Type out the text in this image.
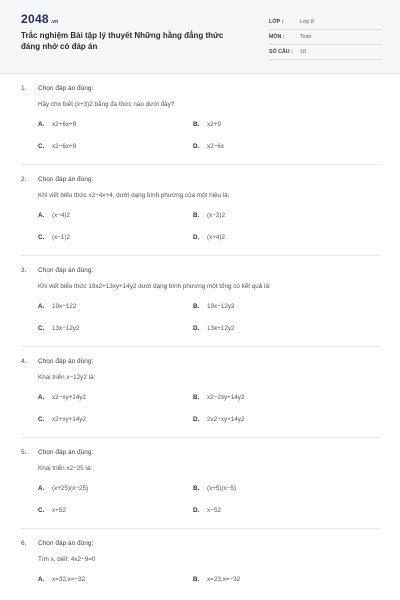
2048 .vn
Trắc nghiệm Bài tập lý thuyết Những hằng đẳng thức đáng nhớ có đáp án
LỚP :	Lớp 8
MÔN :	Toán
SỐ CÂU :	10
1.	Chọn đáp án đúng:
Hãy cho biết (x+3)2 bằng đa thức nào dưới đây?
A.	x2+6x+9	B.	x2+9
C.	x2−6x+9	D.	x2−6x
2.	Chọn đáp án đúng:
Khi viết biểu thức x2−4x+4, dưới dạng bình phương của một hiệu là:
A.	(x−4)2	B.	(x−2)2
C.	(x−1)2	D.	(x+4)2
3.	Chọn đáp án đúng:
Khi viết biểu thức 19x2+13xy+14y2 dưới dạng bình phương một tổng có kết quả là:
A.	19x−122	B.	19x−12y2
C.	13x−12y2	D.	13x+12y2
4.	Chọn đáp án đúng:
Khai triển x−12y2 là:
A.	x2−xy+14y2	B.	x2−2xy+14y2
C.	x2+xy+14y2	D.	2x2−xy+14y2
5.	Chọn đáp án đúng:
Khai triển x2−25 là:
A.	(x+25)(x−25)	B.	(x+5)(x−5)
C.	x+52	D.	x−52
6.	Chọn đáp án đúng:
Tìm x, biết: 4x2−9=0
A.	x=32;x=−32	B.	x=23;x=−32
